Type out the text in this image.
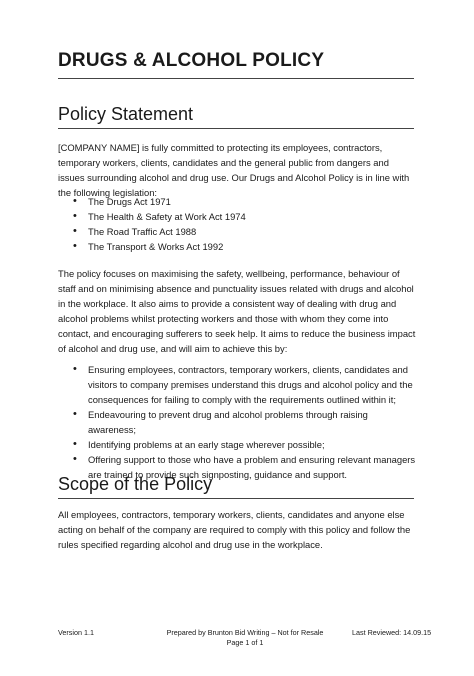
DRUGS & ALCOHOL POLICY
Policy Statement

[COMPANY NAME] is fully committed to protecting its employees, contractors, temporary workers, clients, candidates and the general public from dangers and issues surrounding alcohol and drug use. Our Drugs and Alcohol Policy is in line with the following legislation:

• The Drugs Act 1971
• The Health & Safety at Work Act 1974
• The Road Traffic Act 1988
• The Transport & Works Act 1992

The policy focuses on maximising the safety, wellbeing, performance, behaviour of staff and on minimising absence and punctuality issues related with drugs and alcohol in the workplace. It also aims to provide a consistent way of dealing with drug and alcohol problems whilst protecting workers and those with whom they come into contact, and encouraging sufferers to seek help. It aims to reduce the business impact of alcohol and drug use, and will aim to achieve this by:

• Ensuring employees, contractors, temporary workers, clients, candidates and visitors to company premises understand this drugs and alcohol policy and the consequences for failing to comply with the requirements outlined within it;
• Endeavouring to prevent drug and alcohol problems through raising awareness;
• Identifying problems at an early stage wherever possible;
• Offering support to those who have a problem and ensuring relevant managers are trained to provide such signposting, guidance and support.
Scope of the Policy

All employees, contractors, temporary workers, clients, candidates and anyone else acting on behalf of the company are required to comply with this policy and follow the rules specified regarding alcohol and drug use in the workplace.

Version 1.1	Prepared by Brunton Bid Writing – Not for Resale
Page 1 of 1
Last Reviewed: 14.09.15
